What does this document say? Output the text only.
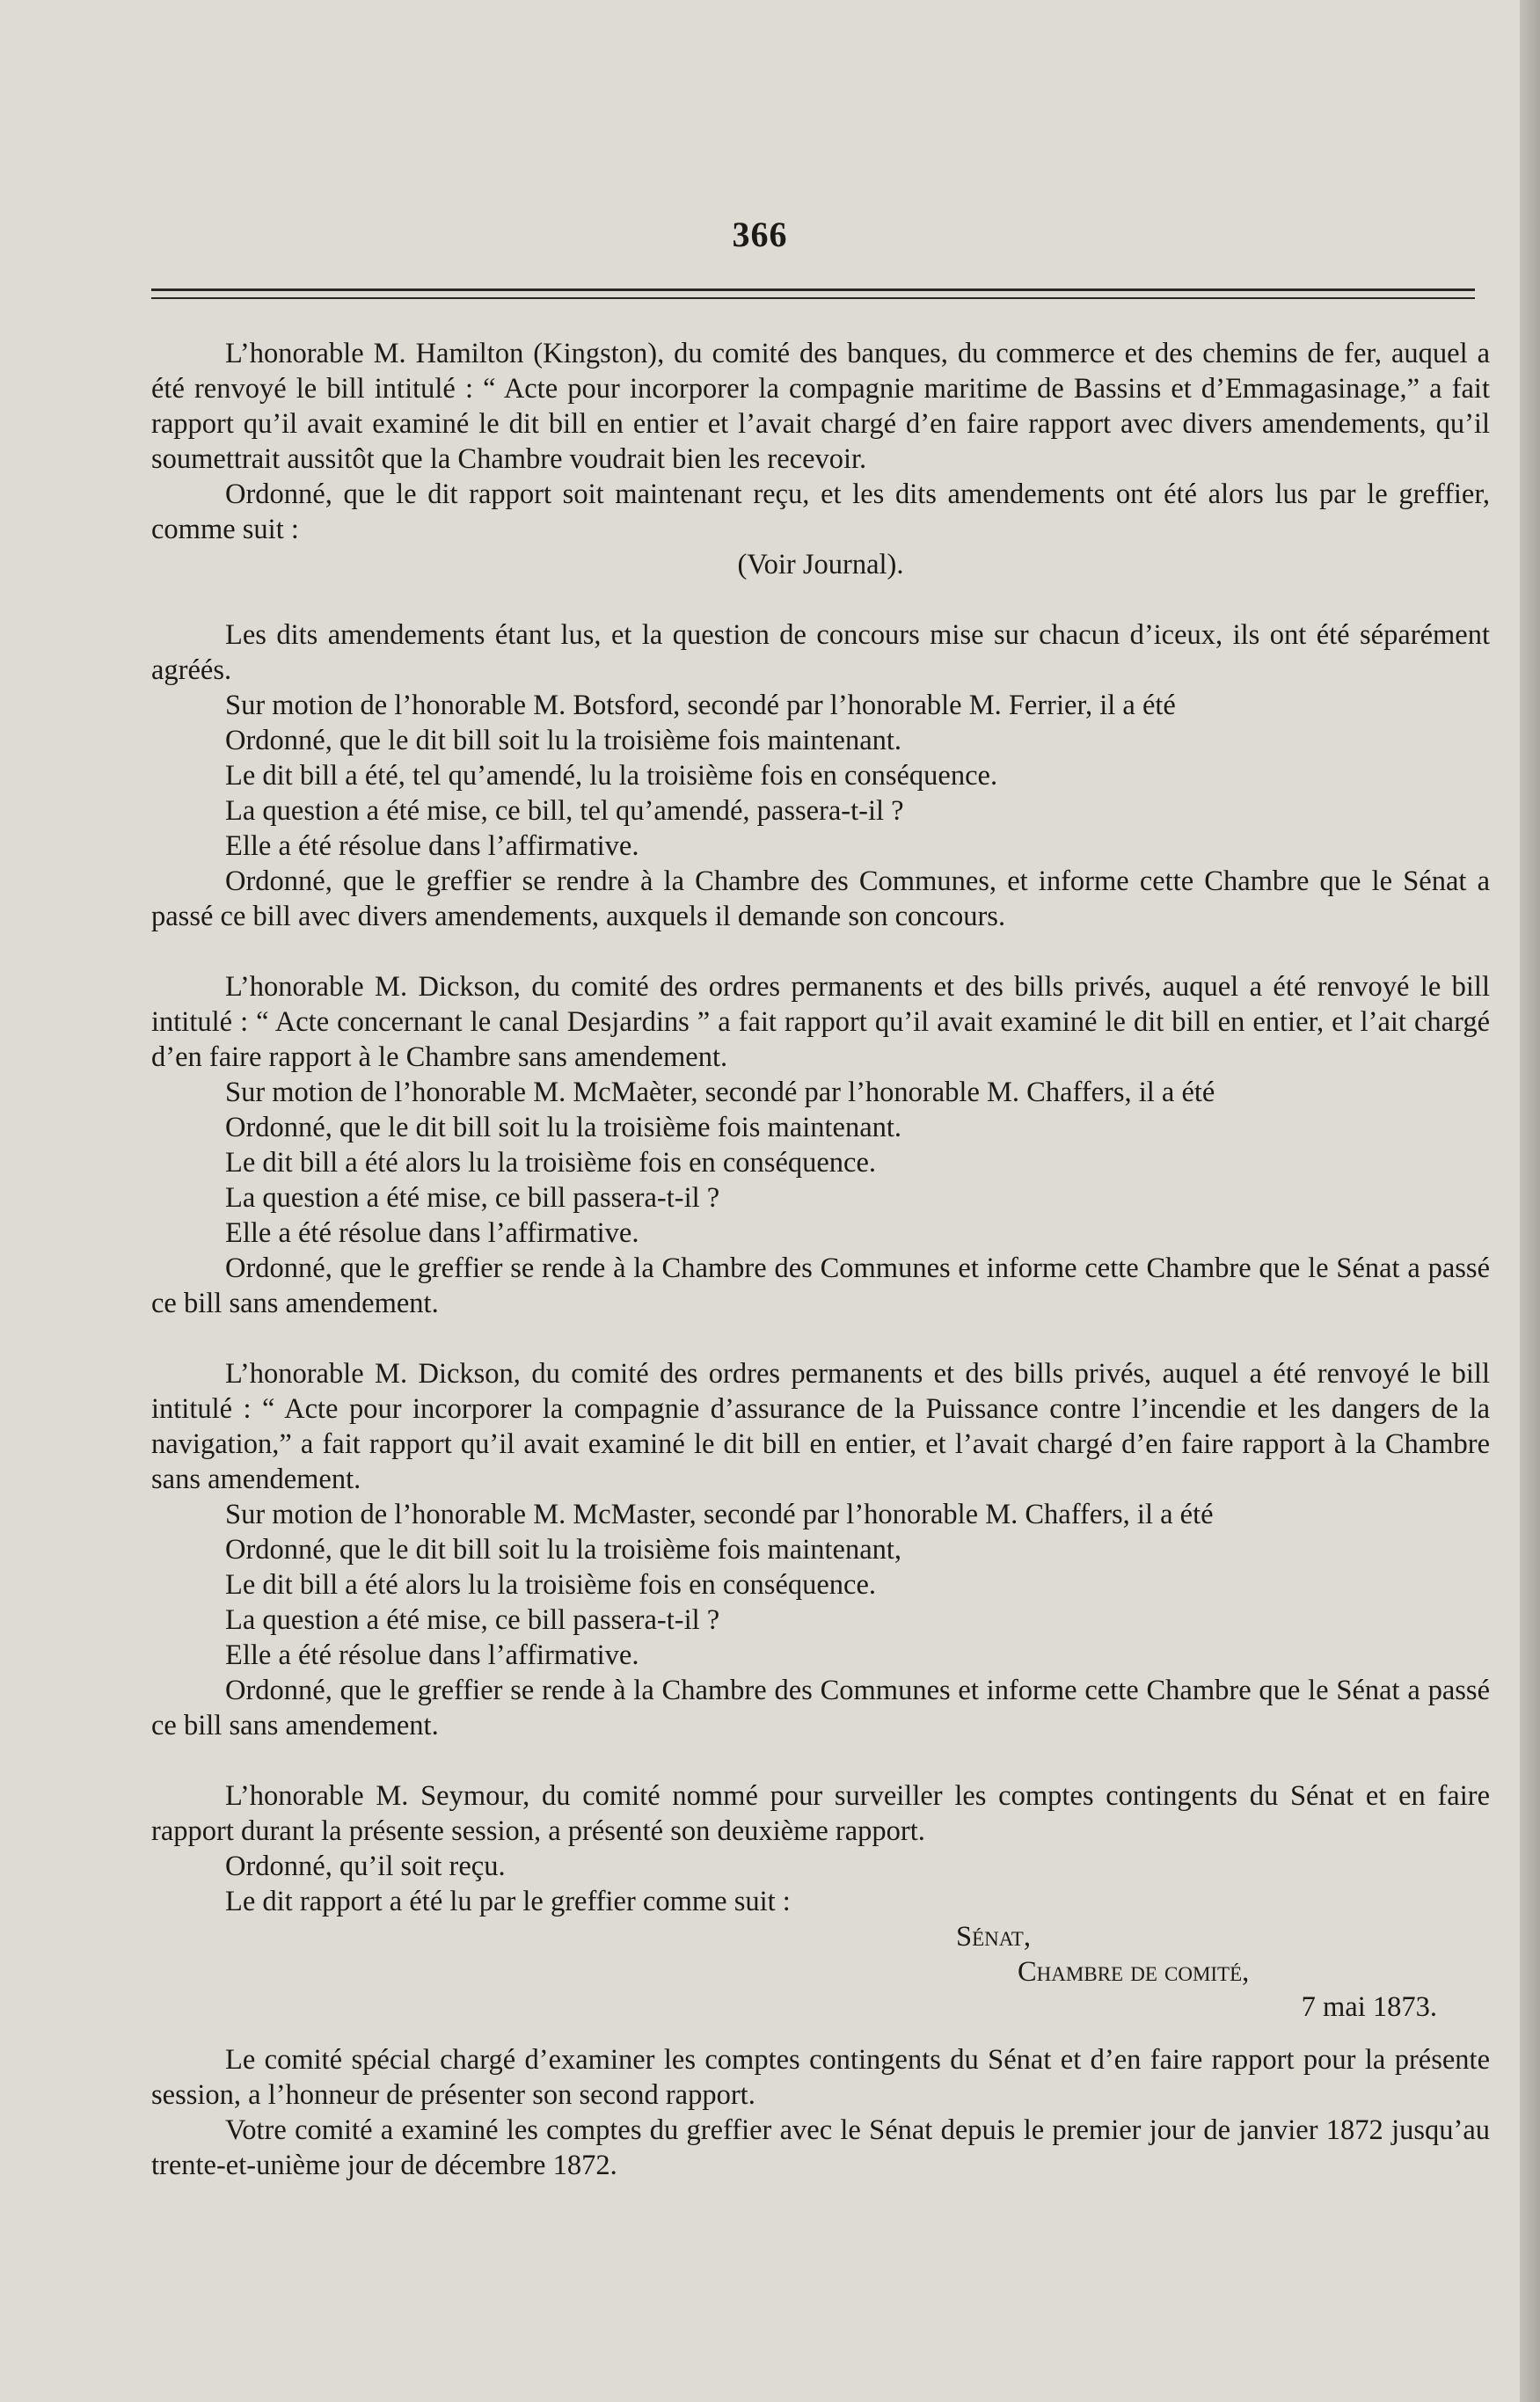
366

L’honorable M. Hamilton (Kingston), du comité des banques, du commerce et des chemins de fer, auquel a été renvoyé le bill intitulé : “ Acte pour incorporer la compagnie maritime de Bassins et d’Emmagasinage,” a fait rapport qu’il avait examiné le dit bill en entier et l’avait chargé d’en faire rapport avec divers amendements, qu’il soumettrait aussitôt que la Chambre voudrait bien les recevoir.

Ordonné, que le dit rapport soit maintenant reçu, et les dits amendements ont été alors lus par le greffier, comme suit :

(Voir Journal).

Les dits amendements étant lus, et la question de concours mise sur chacun d’iceux, ils ont été séparément agréés.

Sur motion de l’honorable M. Botsford, secondé par l’honorable M. Ferrier, il a été

Ordonné, que le dit bill soit lu la troisième fois maintenant.

Le dit bill a été, tel qu’amendé, lu la troisième fois en conséquence.

La question a été mise, ce bill, tel qu’amendé, passera-t-il ?

Elle a été résolue dans l’affirmative.

Ordonné, que le greffier se rendre à la Chambre des Communes, et informe cette Chambre que le Sénat a passé ce bill avec divers amendements, auxquels il demande son concours.

L’honorable M. Dickson, du comité des ordres permanents et des bills privés, auquel a été renvoyé le bill intitulé : “ Acte concernant le canal Desjardins ” a fait rapport qu’il avait examiné le dit bill en entier, et l’ait chargé d’en faire rapport à le Chambre sans amendement.

Sur motion de l’honorable M. McMaèter, secondé par l’honorable M. Chaffers, il a été

Ordonné, que le dit bill soit lu la troisième fois maintenant.

Le dit bill a été alors lu la troisième fois en conséquence.

La question a été mise, ce bill passera-t-il ?

Elle a été résolue dans l’affirmative.

Ordonné, que le greffier se rende à la Chambre des Communes et informe cette Chambre que le Sénat a passé ce bill sans amendement.

L’honorable M. Dickson, du comité des ordres permanents et des bills privés, auquel a été renvoyé le bill intitulé : “ Acte pour incorporer la compagnie d’assurance de la Puissance contre l’incendie et les dangers de la navigation,” a fait rapport qu’il avait examiné le dit bill en entier, et l’avait chargé d’en faire rapport à la Chambre sans amendement.

Sur motion de l’honorable M. McMaster, secondé par l’honorable M. Chaffers, il a été

Ordonné, que le dit bill soit lu la troisième fois maintenant,

Le dit bill a été alors lu la troisième fois en conséquence.

La question a été mise, ce bill passera-t-il ?

Elle a été résolue dans l’affirmative.

Ordonné, que le greffier se rende à la Chambre des Communes et informe cette Chambre que le Sénat a passé ce bill sans amendement.

L’honorable M. Seymour, du comité nommé pour surveiller les comptes contingents du Sénat et en faire rapport durant la présente session, a présenté son deuxième rapport.

Ordonné, qu’il soit reçu.

Le dit rapport a été lu par le greffier comme suit :

Sénat,

Chambre de comité,

7 mai 1873.

Le comité spécial chargé d’examiner les comptes contingents du Sénat et d’en faire rapport pour la présente session, a l’honneur de présenter son second rapport.

Votre comité a examiné les comptes du greffier avec le Sénat depuis le premier jour de janvier 1872 jusqu’au trente-et-unième jour de décembre 1872.
